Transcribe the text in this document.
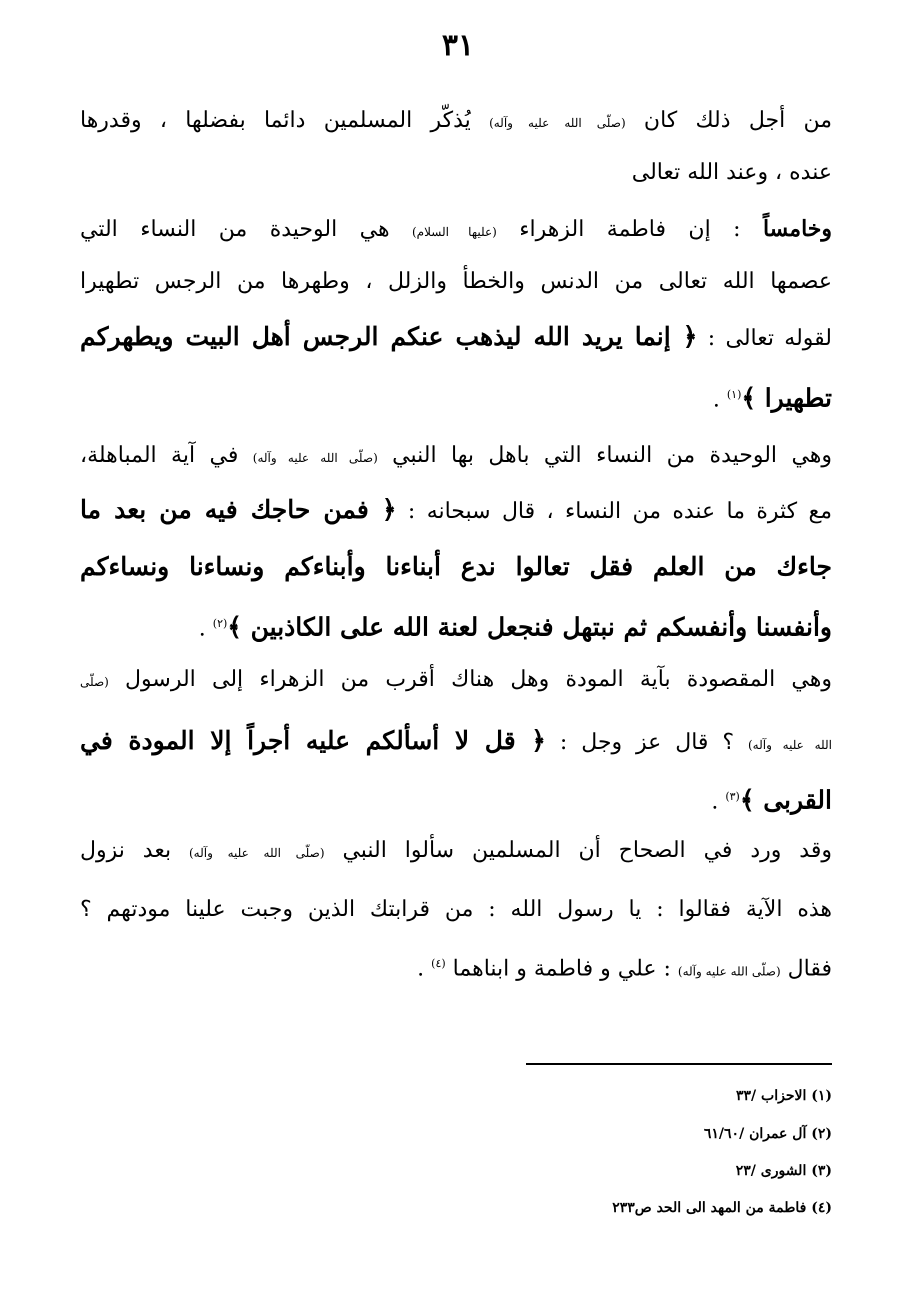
٣١
من أجل ذلك كان (صلّى الله عليه وآله) يُذكّر المسلمين دائما بفضلها ، وقدرها
عنده ، وعند الله تعالى
وخامساً : إن فاطمة الزهراء (عليها السلام) هي الوحيدة من النساء التي
عصمها الله تعالى من الدنس والخطأ والزلل ، وطهرها من الرجس تطهيرا
لقوله تعالى : ﴿ إنما يريد الله ليذهب عنكم الرجس أهل البيت ويطهركم
تطهيرا ﴾$^{(١)}$ .
وهي الوحيدة من النساء التي باهل بها النبي (صلّى الله عليه وآله) في آية المباهلة،
مع كثرة ما عنده من النساء ، قال سبحانه : ﴿ فمن حاجك فيه من بعد ما
جاءك من العلم فقل تعالوا ندع أبناءنا وأبناءكم ونساءنا ونساءكم
وأنفسنا وأنفسكم ثم نبتهل فنجعل لعنة الله على الكاذبين ﴾$^{(٢)}$ .
وهي المقصودة بآية المودة وهل هناك أقرب من الزهراء إلى الرسول (صلّى
الله عليه وآله) ؟ قال عز وجل : ﴿ قل لا أسألكم عليه أجراً إلا المودة في
القربى ﴾$^{(٣)}$ .
وقد ورد في الصحاح أن المسلمين سألوا النبي (صلّى الله عليه وآله) بعد نزول
هذه الآية فقالوا : يا رسول الله : من قرابتك الذين وجبت علينا مودتهم ؟
فقال (صلّى الله عليه وآله) : علي و فاطمة و ابناهما $^{(٤)}$ .
(١) الاحزاب /٣٣
(٢) آل عمران /٦١/٦٠
(٣) الشورى /٢٣
(٤) فاطمة من المهد الى الحد ص٢٣٣
